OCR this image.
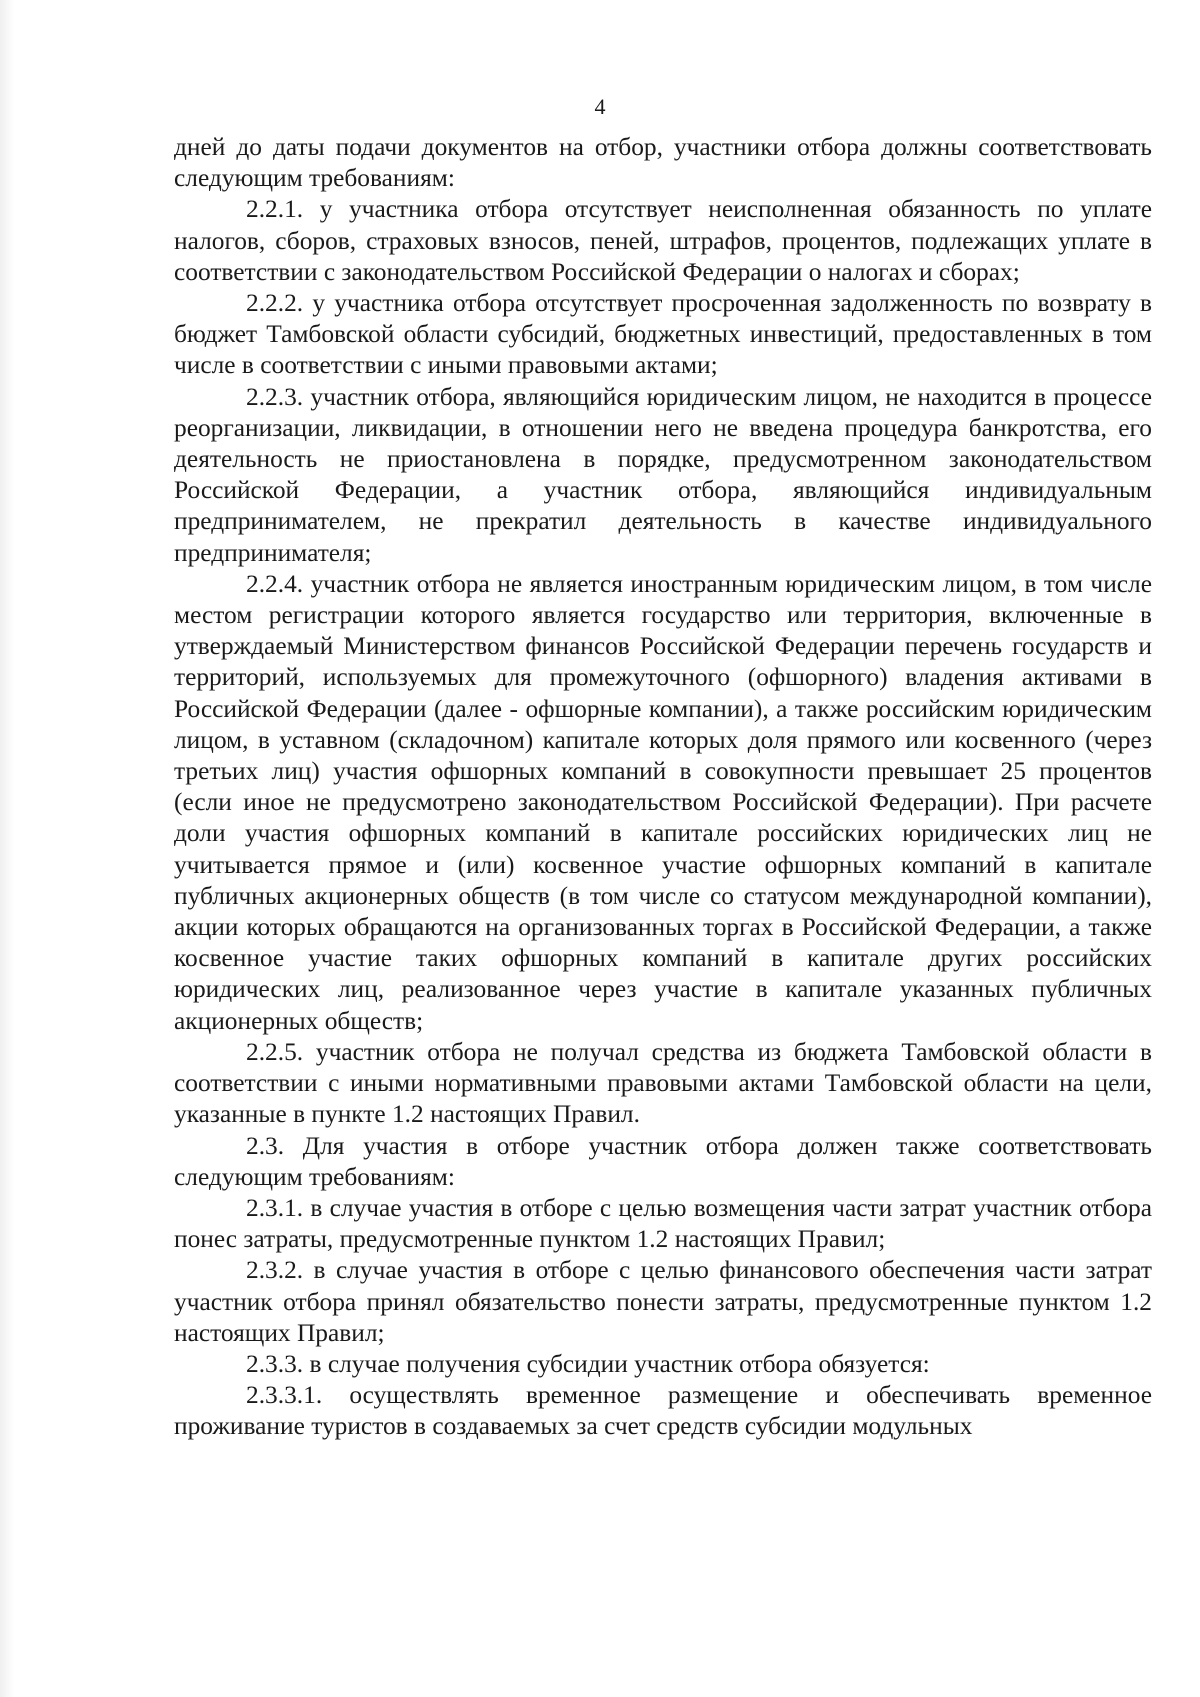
4

дней до даты подачи документов на отбор, участники отбора должны соответствовать следующим требованиям:

2.2.1. у участника отбора отсутствует неисполненная обязанность по уплате налогов, сборов, страховых взносов, пеней, штрафов, процентов, подлежащих уплате в соответствии с законодательством Российской Федерации о налогах и сборах;

2.2.2. у участника отбора отсутствует просроченная задолженность по возврату в бюджет Тамбовской области субсидий, бюджетных инвестиций, предоставленных в том числе в соответствии с иными правовыми актами;

2.2.3. участник отбора, являющийся юридическим лицом, не находится в процессе реорганизации, ликвидации, в отношении него не введена процедура банкротства, его деятельность не приостановлена в порядке, предусмотренном законодательством Российской Федерации, а участник отбора, являющийся индивидуальным предпринимателем, не прекратил деятельность в качестве индивидуального предпринимателя;

2.2.4. участник отбора не является иностранным юридическим лицом, в том числе местом регистрации которого является государство или территория, включенные в утверждаемый Министерством финансов Российской Федерации перечень государств и территорий, используемых для промежуточного (офшорного) владения активами в Российской Федерации (далее - офшорные компании), а также российским юридическим лицом, в уставном (складочном) капитале которых доля прямого или косвенного (через третьих лиц) участия офшорных компаний в совокупности превышает 25 процентов (если иное не предусмотрено законодательством Российской Федерации). При расчете доли участия офшорных компаний в капитале российских юридических лиц не учитывается прямое и (или) косвенное участие офшорных компаний в капитале публичных акционерных обществ (в том числе со статусом международной компании), акции которых обращаются на организованных торгах в Российской Федерации, а также косвенное участие таких офшорных компаний в капитале других российских юридических лиц, реализованное через участие в капитале указанных публичных акционерных обществ;

2.2.5. участник отбора не получал средства из бюджета Тамбовской области в соответствии с иными нормативными правовыми актами Тамбовской области на цели, указанные в пункте 1.2 настоящих Правил.

2.3. Для участия в отборе участник отбора должен также соответствовать следующим требованиям:

2.3.1. в случае участия в отборе с целью возмещения части затрат участник отбора понес затраты, предусмотренные пунктом 1.2 настоящих Правил;

2.3.2. в случае участия в отборе с целью финансового обеспечения части затрат участник отбора принял обязательство понести затраты, предусмотренные пунктом 1.2 настоящих Правил;

2.3.3. в случае получения субсидии участник отбора обязуется:

2.3.3.1. осуществлять временное размещение и обеспечивать временное проживание туристов в создаваемых за счет средств субсидии модульных
